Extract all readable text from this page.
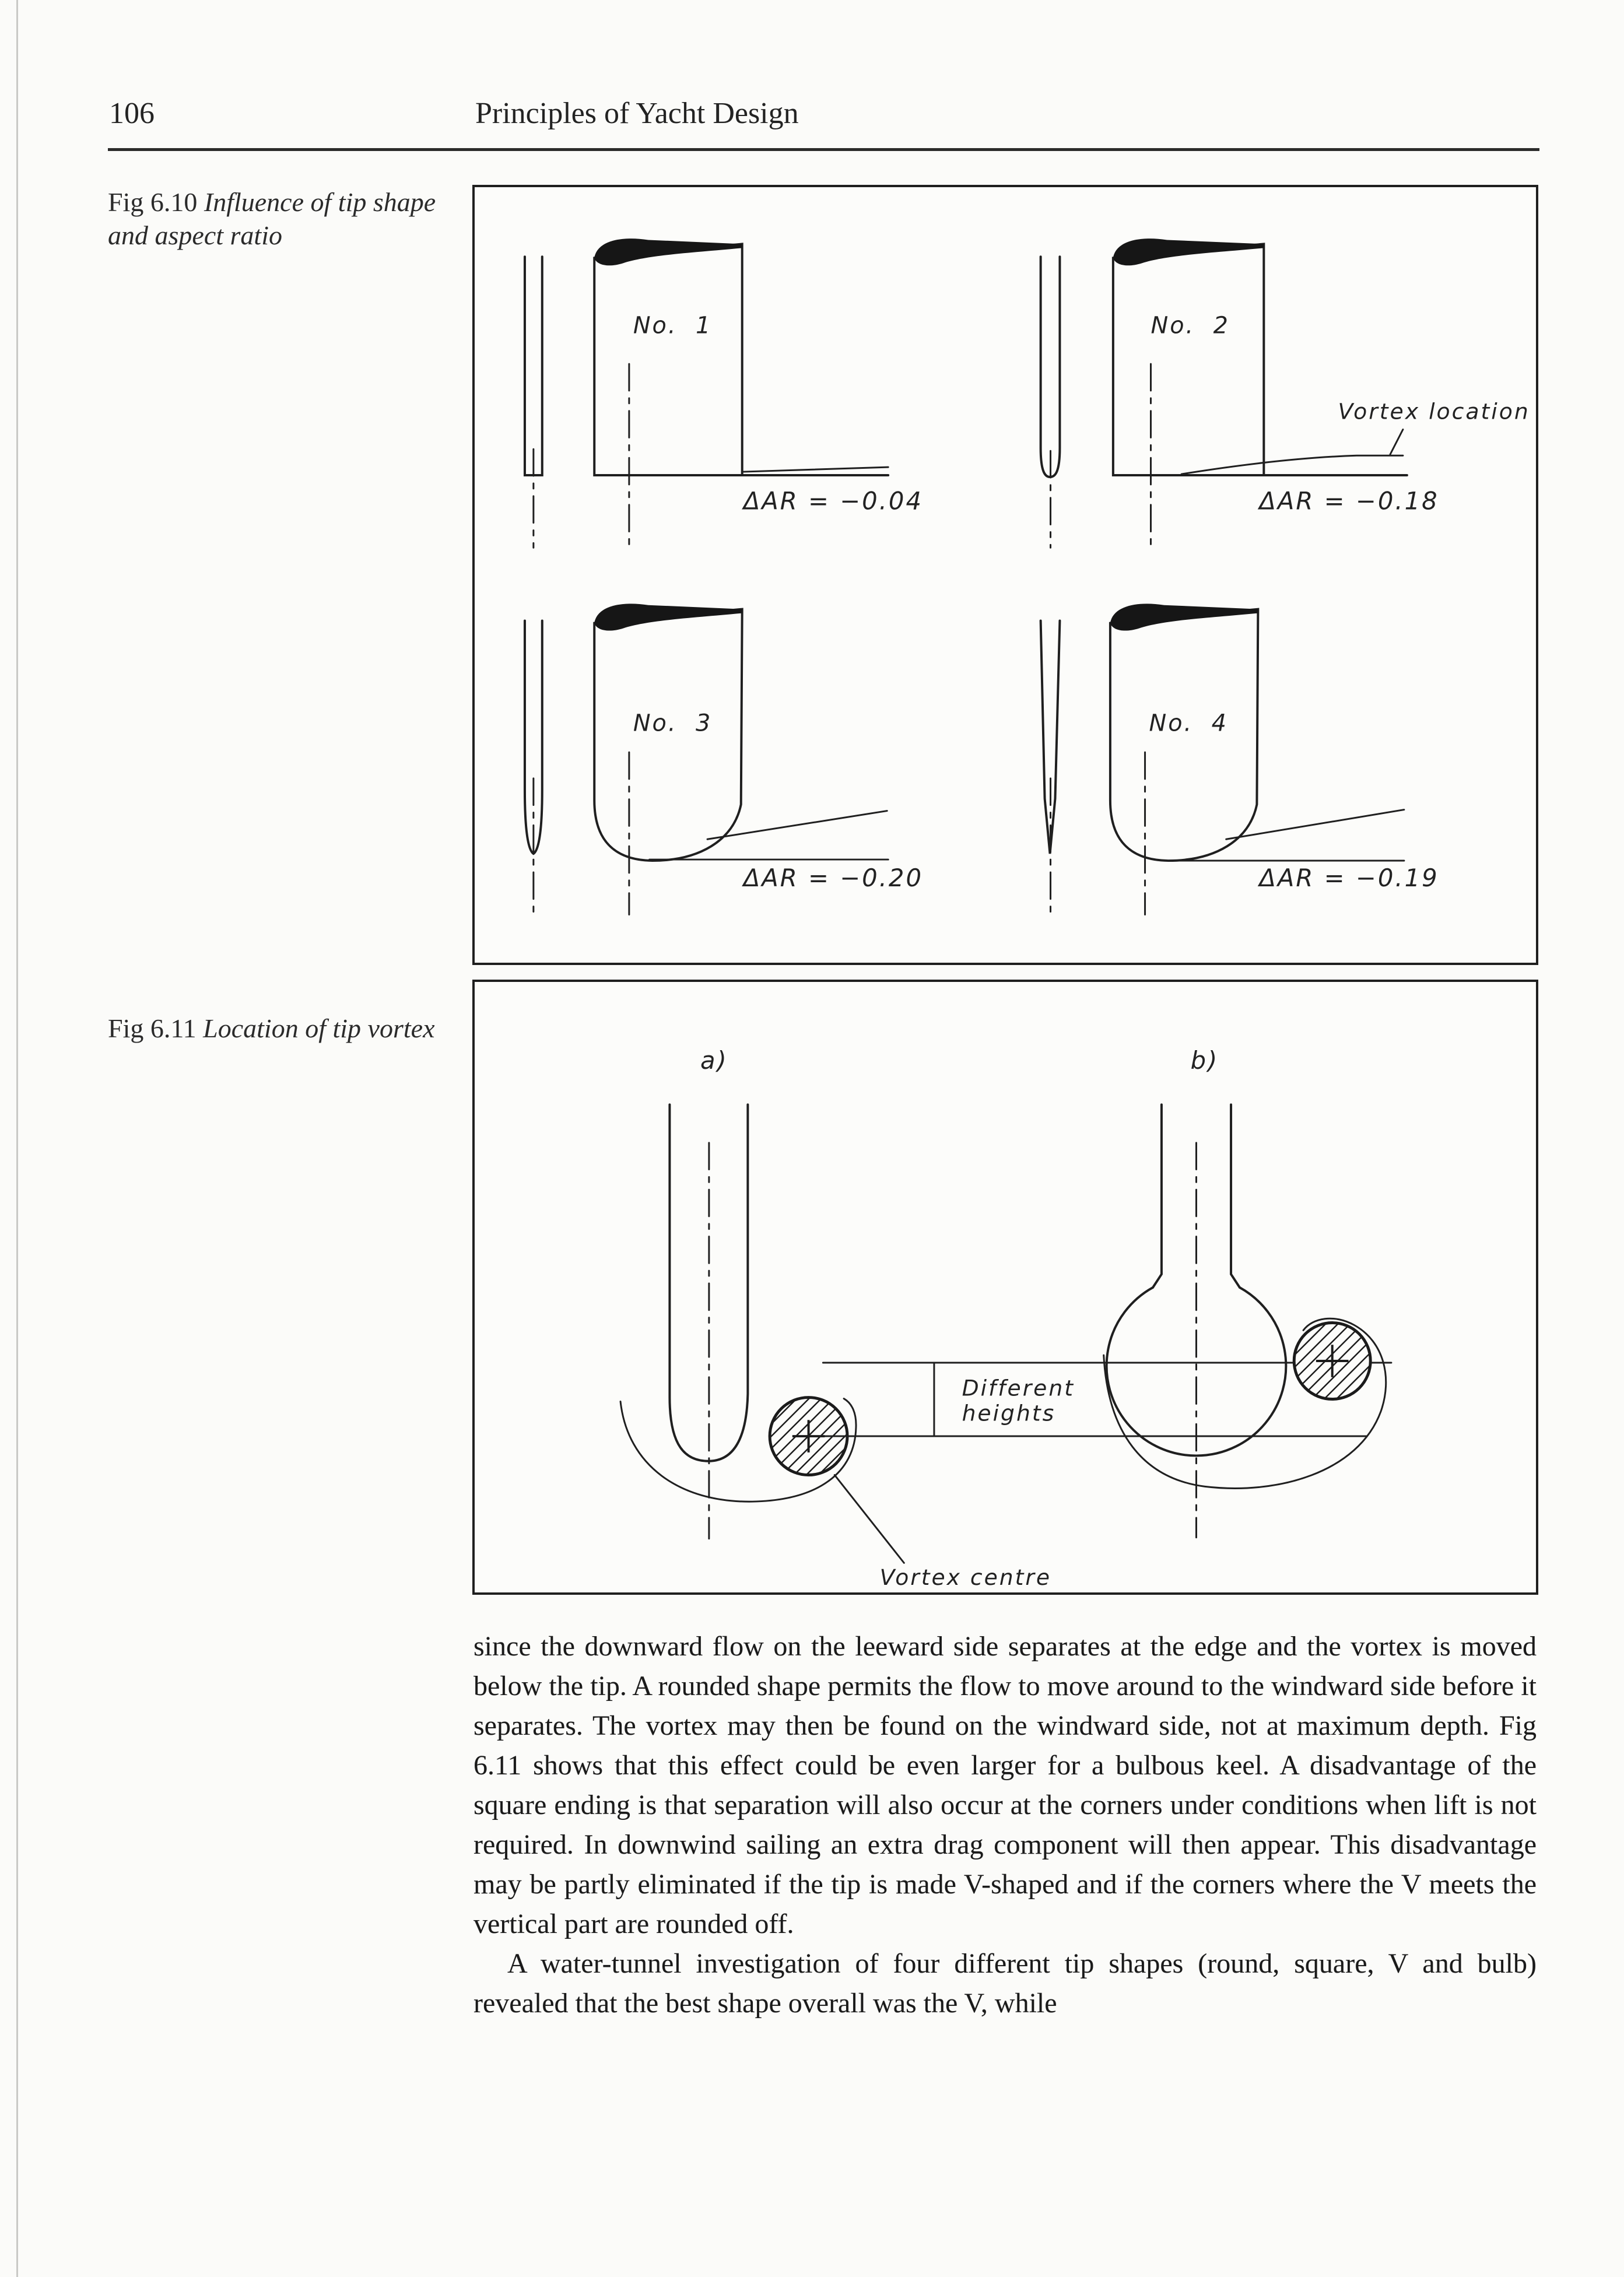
106	Principles of Yacht Design
Fig 6.10 Influence of tip shape and aspect ratio
No. 1
ΔAR = −0.04
No. 2
Vortex location
ΔAR = −0.18
No. 3
ΔAR = −0.20
No. 4
ΔAR = −0.19
Fig 6.11 Location of tip vortex
a)
Vortex centre
Different
heights
b)

since the downward flow on the leeward side separates at the edge and the vortex is moved below the tip. A rounded shape permits the flow to move around to the windward side before it separates. The vortex may then be found on the windward side, not at maximum depth. Fig 6.11 shows that this effect could be even larger for a bulbous keel. A disadvantage of the square ending is that separation will also occur at the corners under conditions when lift is not required. In downwind sailing an extra drag component will then appear. This disadvantage may be partly eliminated if the tip is made V-shaped and if the corners where the V meets the vertical part are rounded off.

A water-tunnel investigation of four different tip shapes (round, square, V and bulb) revealed that the best shape overall was the V, while
